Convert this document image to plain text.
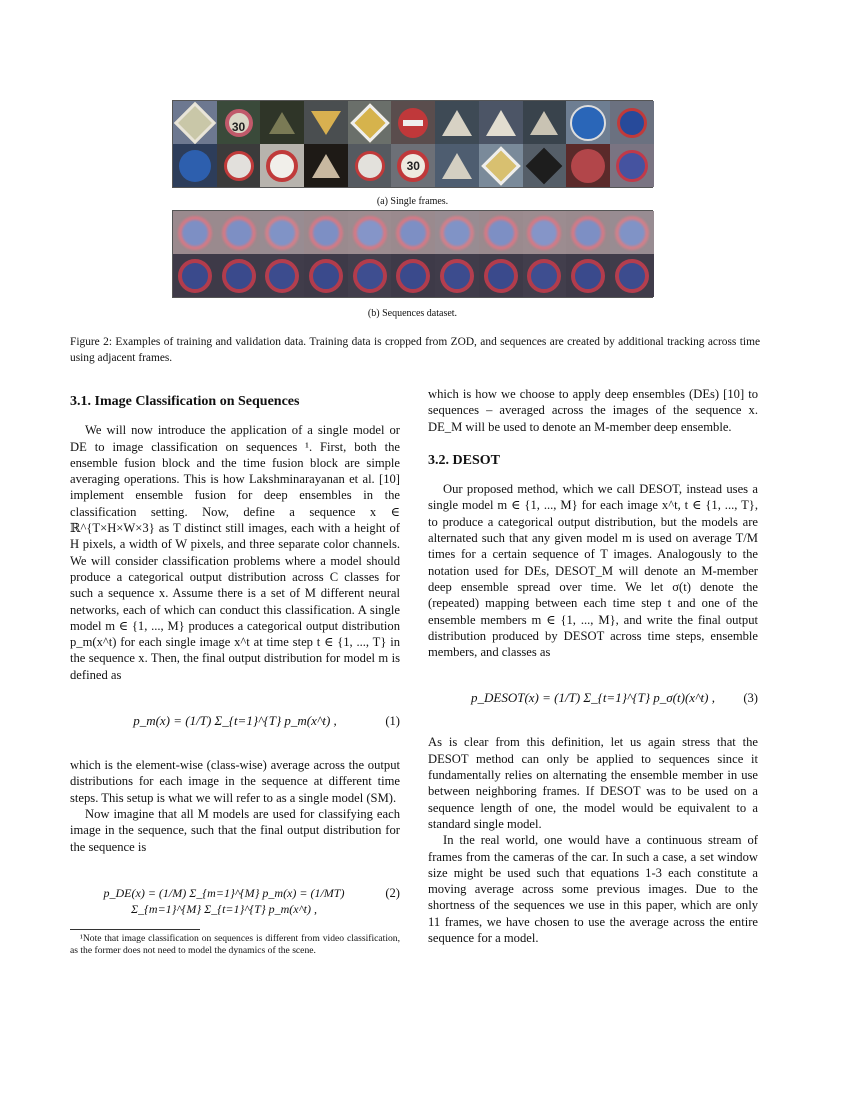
30
30
(a) Single frames.
(b) Sequences dataset.
Figure 2: Examples of training and validation data. Training data is cropped from ZOD, and sequences are created by additional tracking across time using adjacent frames.
3.1. Image Classification on Sequences

We will now introduce the application of a single model or DE to image classification on sequences ¹. First, both the ensemble fusion block and the time fusion block are simple averaging operations. This is how Lakshminarayanan et al. [10] implement ensemble fusion for deep ensembles in the classification setting. Now, define a sequence x ∈ ℝ^{T×H×W×3} as T distinct still images, each with a height of H pixels, a width of W pixels, and three separate color channels. We will consider classification problems where a model should produce a categorical output distribution across C classes for such a sequence x. Assume there is a set of M different neural networks, each of which can conduct this classification. A single model m ∈ {1, ..., M} produces a categorical output distribution p_m(x^t) for each single image x^t at time step t ∈ {1, ..., T} in the sequence x. Then, the final output distribution for model m is defined as

p_m(x) = (1/T) Σ_{t=1}^{T} p_m(x^t) ,	(1)

which is the element-wise (class-wise) average across the output distributions for each image in the sequence at different time steps. This setup is what we will refer to as a single model (SM).

Now imagine that all M models are used for classifying each image in the sequence, such that the final output distribution for the sequence is

p_DE(x) = (1/M) Σ_{m=1}^{M} p_m(x) = (1/MT) Σ_{m=1}^{M} Σ_{t=1}^{T} p_m(x^t) ,
(2)
¹Note that image classification on sequences is different from video classification, as the former does not need to model the dynamics of the scene.

which is how we choose to apply deep ensembles (DEs) [10] to sequences – averaged across the images of the sequence x. DE_M will be used to denote an M-member deep ensemble.

3.2. DESOT

Our proposed method, which we call DESOT, instead uses a single model m ∈ {1, ..., M} for each image x^t, t ∈ {1, ..., T}, to produce a categorical output distribution, but the models are alternated such that any given model m is used on average T/M times for a certain sequence of T images. Analogously to the notation used for DEs, DESOT_M will denote an M-member deep ensemble spread over time. We let σ(t) denote the (repeated) mapping between each time step t and one of the ensemble members m ∈ {1, ..., M}, and write the final output distribution produced by DESOT across time steps, ensemble members, and classes as

p_DESOT(x) = (1/T) Σ_{t=1}^{T} p_σ(t)(x^t) ,	(3)

As is clear from this definition, let us again stress that the DESOT method can only be applied to sequences since it fundamentally relies on alternating the ensemble member in use between neighboring frames. If DESOT was to be used on a sequence length of one, the model would be equivalent to a standard single model.

In the real world, one would have a continuous stream of frames from the cameras of the car. In such a case, a set window size might be used such that equations 1-3 each constitute a moving average across some previous images. Due to the shortness of the sequences we use in this paper, which are only 11 frames, we have chosen to use the average across the entire sequence for a model.
